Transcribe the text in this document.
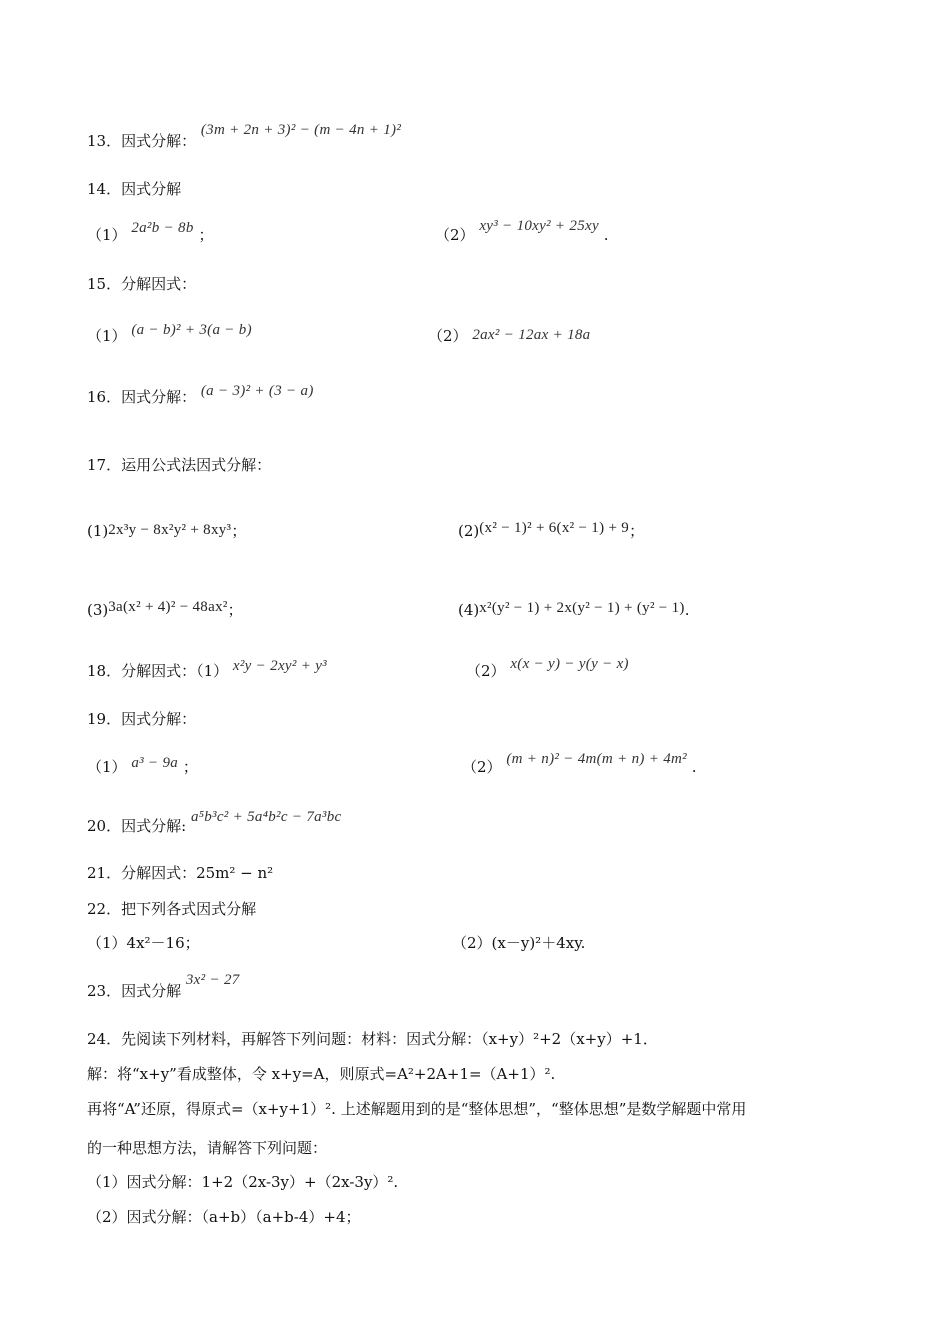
13．因式分解： (3m + 2n + 3)² − (m − 4n + 1)²
14．因式分解
（1） 2a²b − 8b ；	（2） xy³ − 10xy² + 25xy .
15．分解因式：
（1） (a − b)² + 3(a − b)	（2） 2ax² − 12ax + 18a
16．因式分解： (a − 3)² + (3 − a)
17．运用公式法因式分解：
(1)2x³y − 8x²y² + 8xy³；	(2)(x² − 1)² + 6(x² − 1) + 9；
(3)3a(x² + 4)² − 48ax²；	(4)x²(y² − 1) + 2x(y² − 1) + (y² − 1).
18．分解因式：（1） x²y − 2xy² + y³	（2） x(x − y) − y(y − x)
19．因式分解：
（1） a³ − 9a ；	（2） (m + n)² − 4m(m + n) + 4m² .
20．因式分解: a⁵b³c² + 5a⁴b²c − 7a³bc
21．分解因式：25m² − n²
22．把下列各式因式分解
（1）4x²－16；	（2）(x－y)²＋4xy.
23．因式分解 3x² − 27
24．先阅读下列材料，再解答下列问题：材料：因式分解：（x+y）²+2（x+y）+1．
解：将“x+y”看成整体，令 x+y=A，则原式=A²+2A+1=（A+1）².
再将“A”还原，得原式=（x+y+1）². 上述解题用到的是“整体思想”，“整体思想”是数学解题中常用
的一种思想方法，请解答下列问题：
（1）因式分解：1+2（2x-3y）+（2x-3y）².
（2）因式分解：（a+b）（a+b-4）+4；
